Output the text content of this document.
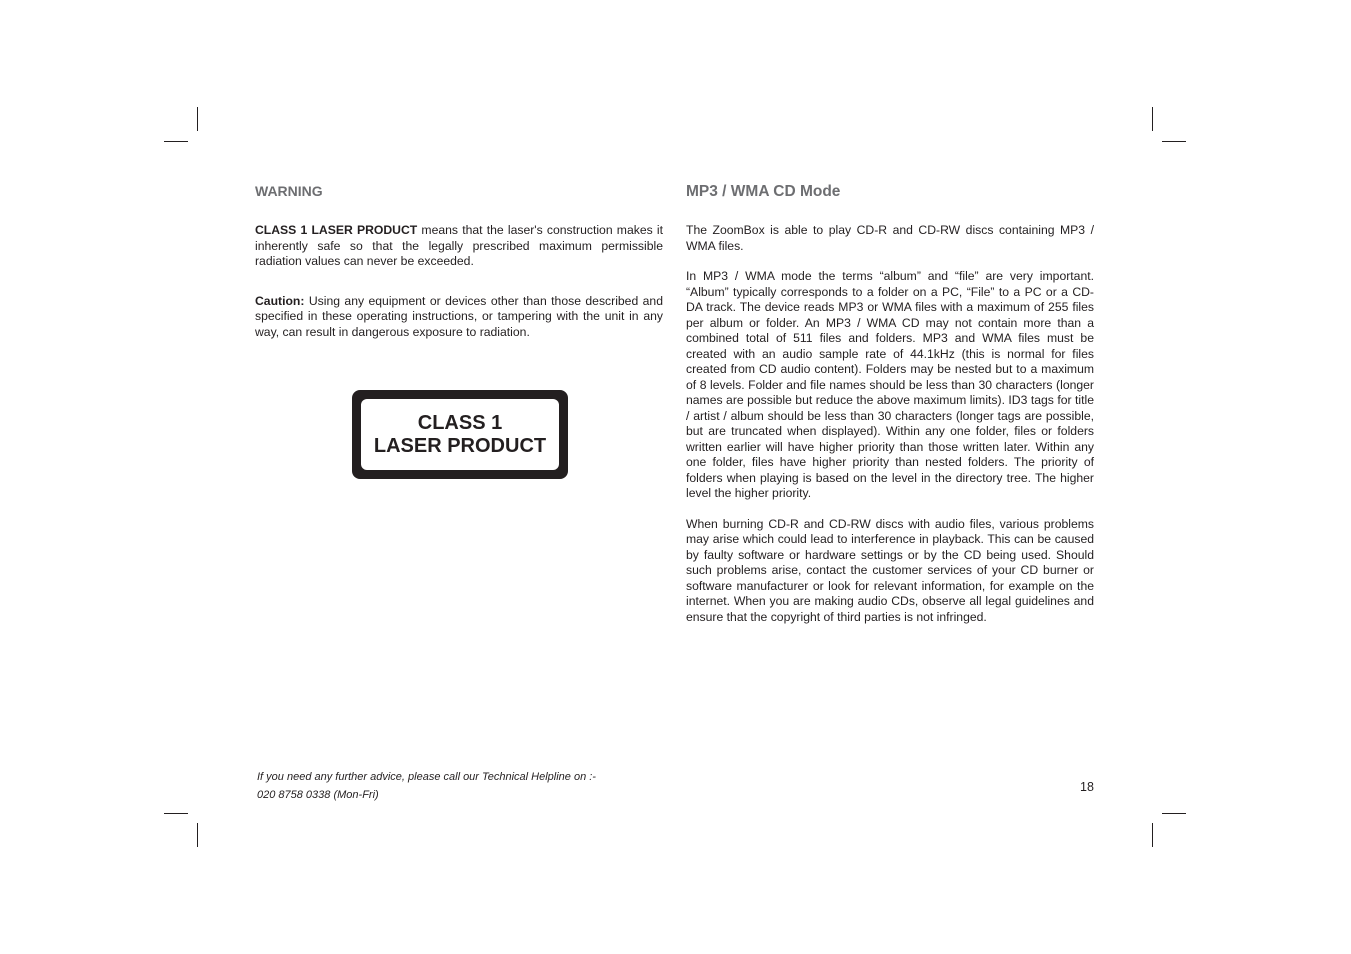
WARNING

CLASS 1 LASER PRODUCT means that the laser's construction makes it inherently safe so that the legally prescribed maximum permissible radiation values can never be exceeded.

Caution: Using any equipment or devices other than those described and specified in these operating instructions, or tampering with the unit in any way, can result in dangerous exposure to radiation.

CLASS 1
LASER PRODUCT

MP3 / WMA CD Mode

The ZoomBox is able to play CD-R and CD-RW discs containing MP3 / WMA files.

In MP3 / WMA mode the terms “album” and “file” are very important. “Album” typically corresponds to a folder on a PC, “File” to a PC or a CD-DA track. The device reads MP3 or WMA files with a maximum of 255 files per album or folder. An MP3 / WMA CD may not contain more than a combined total of 511 files and folders. MP3 and WMA files must be created with an audio sample rate of 44.1kHz (this is normal for files created from CD audio content). Folders may be nested but to a maximum of 8 levels. Folder and file names should be less than 30 characters (longer names are possible but reduce the above maximum limits). ID3 tags for title / artist / album should be less than 30 characters (longer tags are possible, but are truncated when displayed). Within any one folder, files or folders written earlier will have higher priority than those written later. Within any one folder, files have higher priority than nested folders. The priority of folders when playing is based on the level in the directory tree. The higher level the higher priority.

When burning CD-R and CD-RW discs with audio files, various problems may arise which could lead to interference in playback. This can be caused by faulty software or hardware settings or by the CD being used. Should such problems arise, contact the customer services of your CD burner or software manufacturer or look for relevant information, for example on the internet. When you are making audio CDs, observe all legal guidelines and ensure that the copyright of third parties is not infringed.

If you need any further advice, please call our Technical Helpline on :-
020 8758 0338 (Mon-Fri)
18
